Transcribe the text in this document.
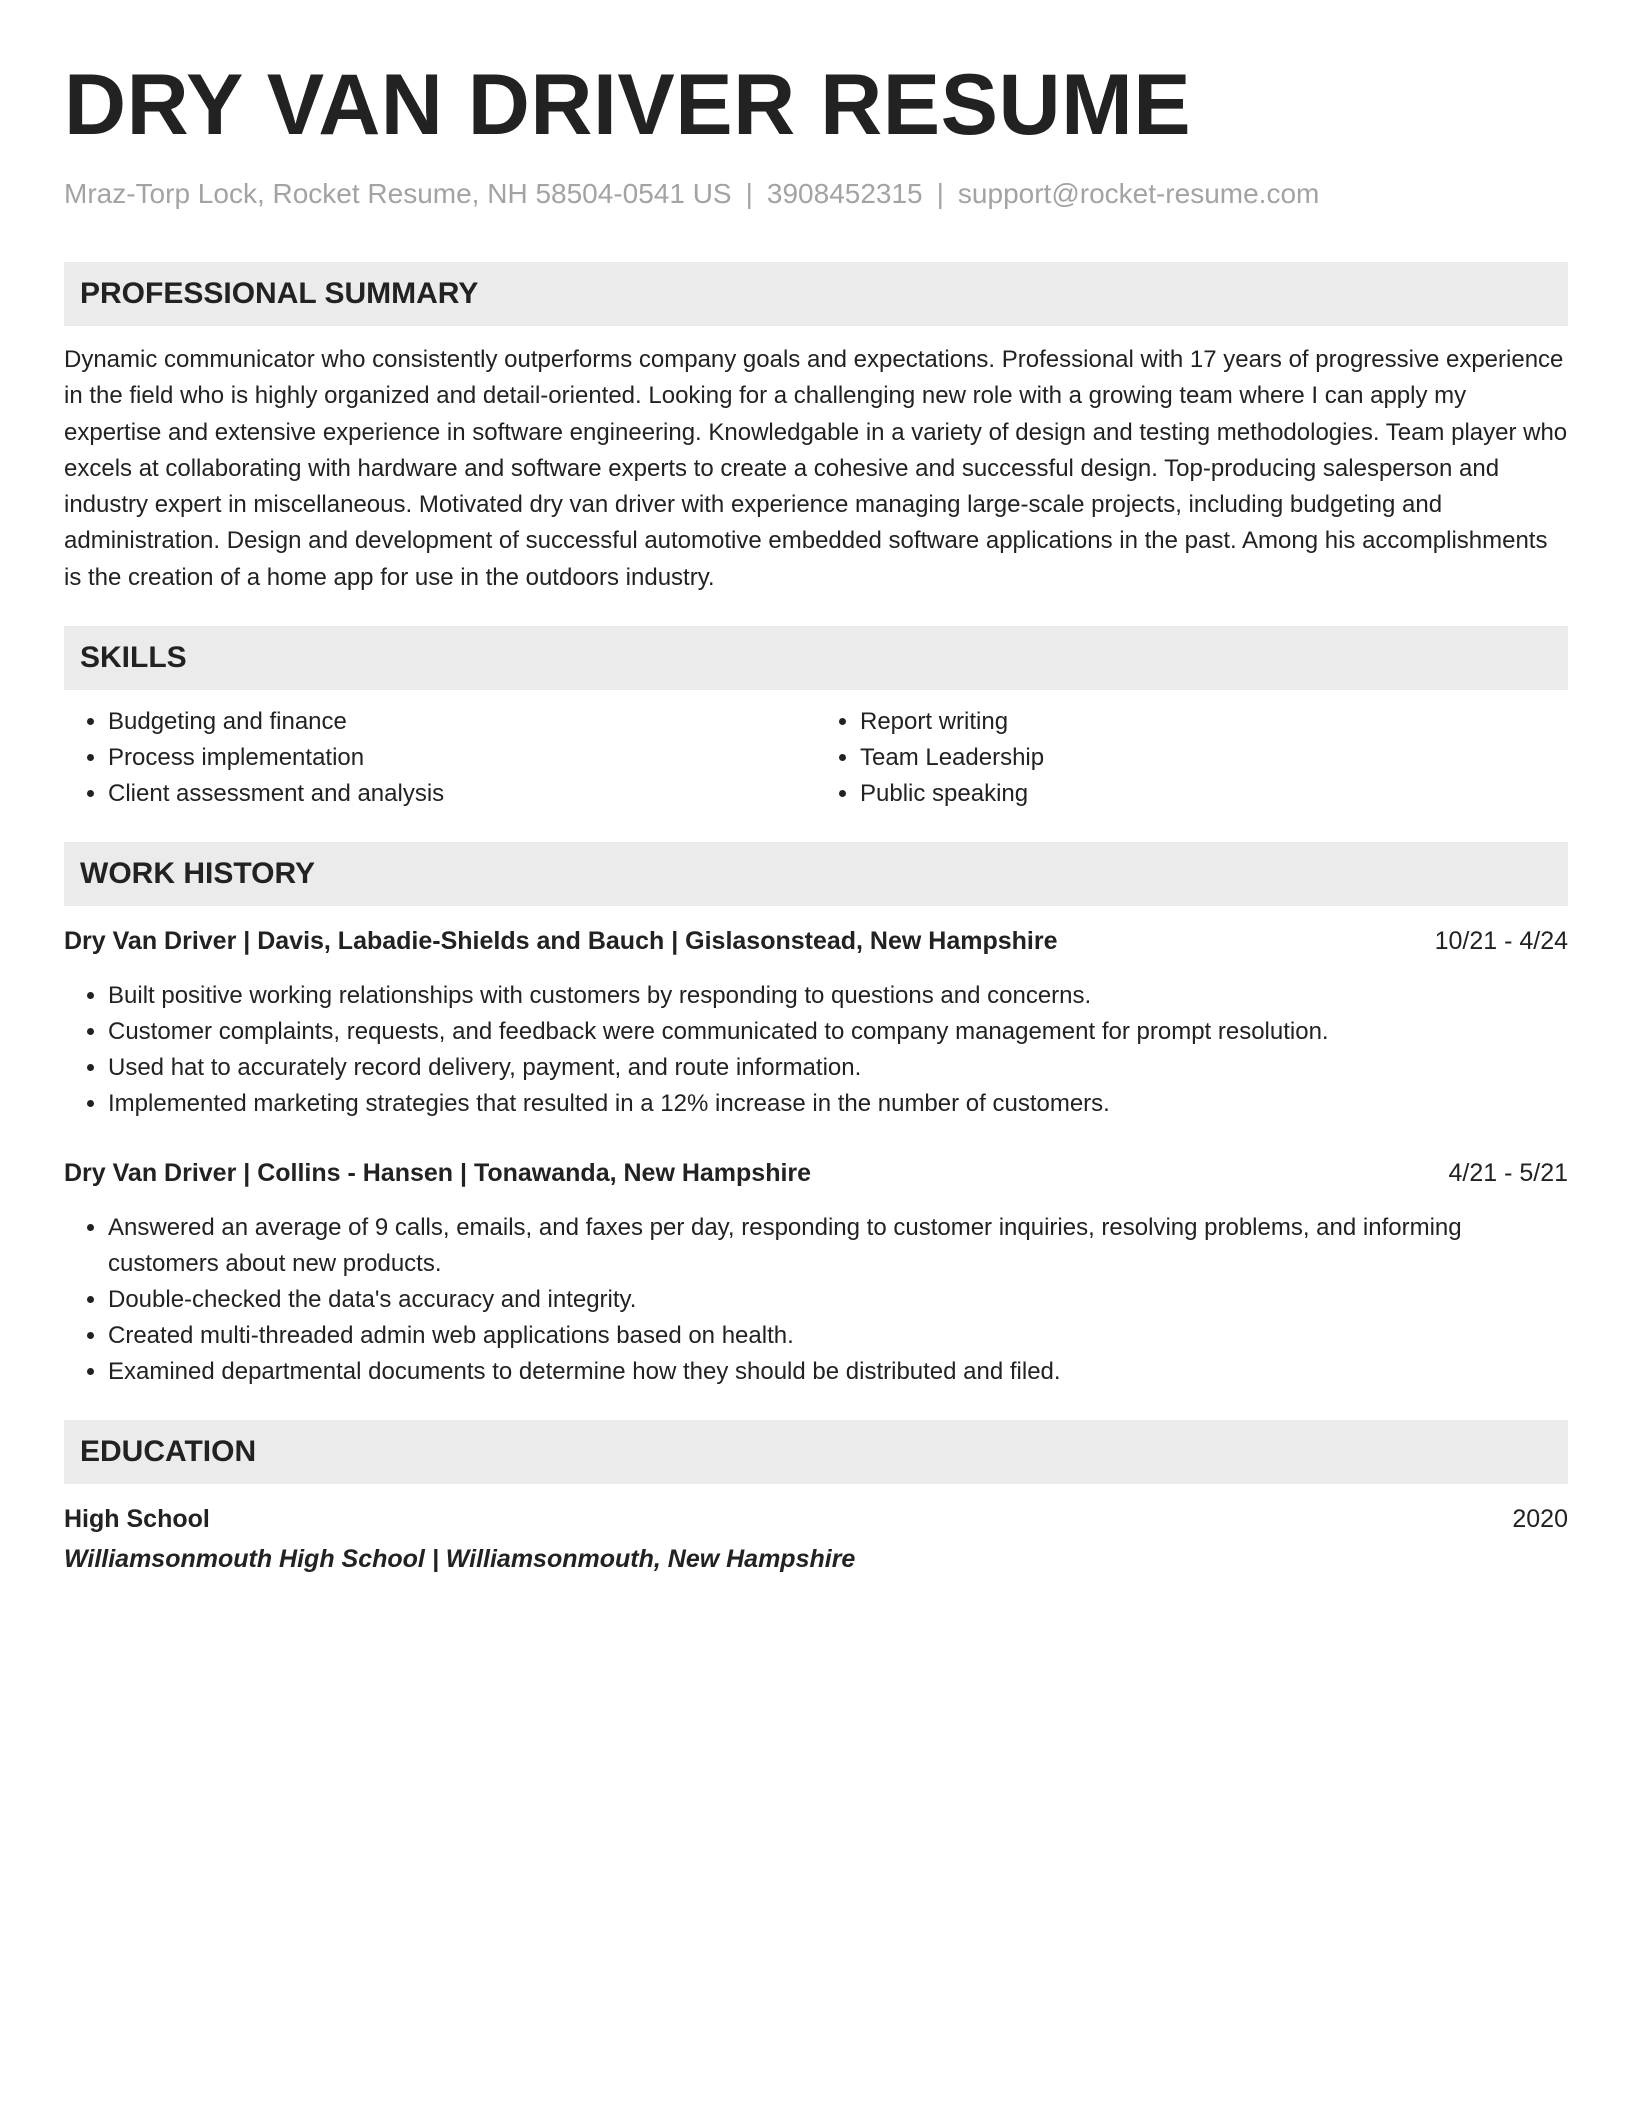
DRY VAN DRIVER RESUME
Mraz-Torp Lock, Rocket Resume, NH 58504-0541 US | 3908452315 | support@rocket-resume.com
PROFESSIONAL SUMMARY

Dynamic communicator who consistently outperforms company goals and expectations. Professional with 17 years of progressive experience in the field who is highly organized and detail-oriented. Looking for a challenging new role with a growing team where I can apply my expertise and extensive experience in software engineering. Knowledgable in a variety of design and testing methodologies. Team player who excels at collaborating with hardware and software experts to create a cohesive and successful design. Top-producing salesperson and industry expert in miscellaneous. Motivated dry van driver with experience managing large-scale projects, including budgeting and administration. Design and development of successful automotive embedded software applications in the past. Among his accomplishments is the creation of a home app for use in the outdoors industry.

SKILLS
• Budgeting and finance
• Process implementation
• Client assessment and analysis
• Report writing
• Team Leadership
• Public speaking
WORK HISTORY
Dry Van Driver | Davis, Labadie-Shields and Bauch | Gislasonstead, New Hampshire	10/21 - 4/24
• Built positive working relationships with customers by responding to questions and concerns.
• Customer complaints, requests, and feedback were communicated to company management for prompt resolution.
• Used hat to accurately record delivery, payment, and route information.
• Implemented marketing strategies that resulted in a 12% increase in the number of customers.
Dry Van Driver | Collins - Hansen | Tonawanda, New Hampshire	4/21 - 5/21
• Answered an average of 9 calls, emails, and faxes per day, responding to customer inquiries, resolving problems, and informing customers about new products.
• Double-checked the data's accuracy and integrity.
• Created multi-threaded admin web applications based on health.
• Examined departmental documents to determine how they should be distributed and filed.
EDUCATION
High School	2020
Williamsonmouth High School | Williamsonmouth, New Hampshire
